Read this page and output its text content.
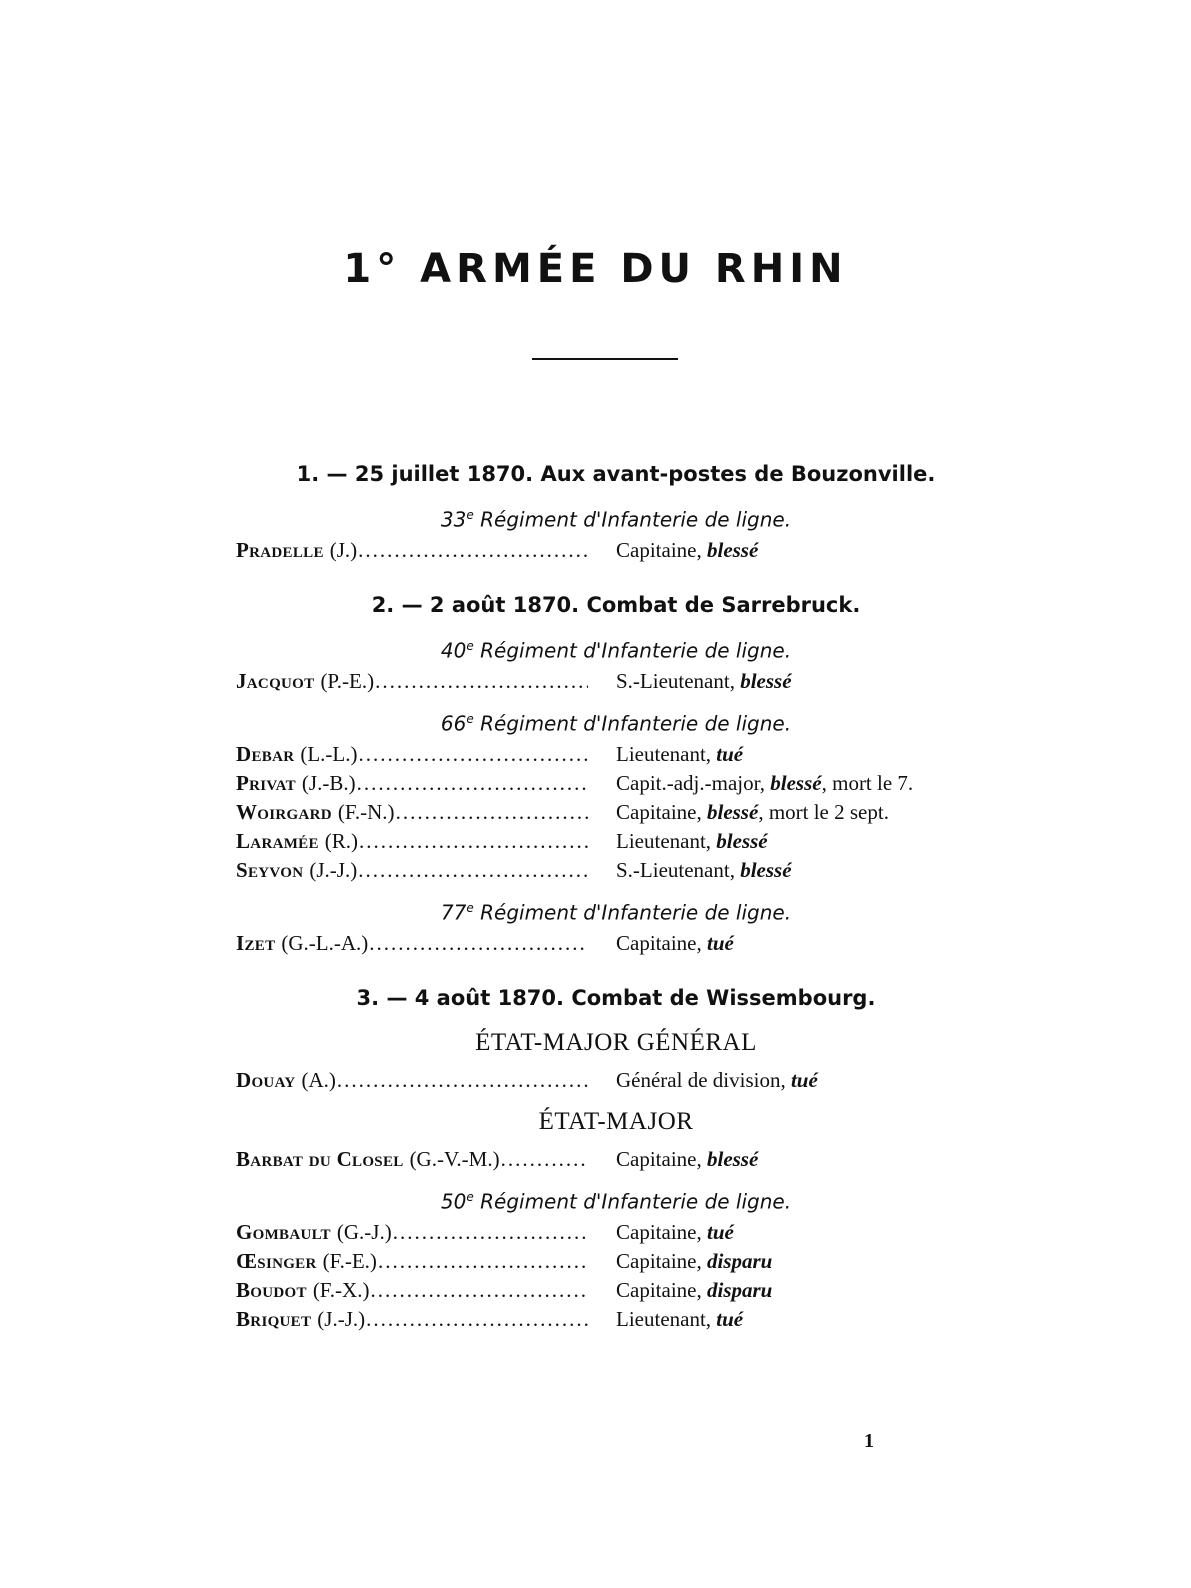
1° ARMÉE DU RHIN
1. — 25 juillet 1870. Aux avant-postes de Bouzonville.
33e Régiment d'Infanterie de ligne.
Pradelle (J.) .....	Capitaine, blessé
2. — 2 août 1870. Combat de Sarrebruck.
40e Régiment d'Infanterie de ligne.
Jacquot (P.-E.) .....	S.-Lieutenant, blessé
66e Régiment d'Infanterie de ligne.
Debar (L.-L.) .....	Lieutenant, tué
Privat (J.-B.) .....	Capit.-adj.-major, blessé, mort le 7.
Woirgard (F.-N.) .....	Capitaine, blessé, mort le 2 sept.
Laramée (R.) .....	Lieutenant, blessé
Seyvon (J.-J.) .....	S.-Lieutenant, blessé
77e Régiment d'Infanterie de ligne.
Izet (G.-L.-A.) .....	Capitaine, tué
3. — 4 août 1870. Combat de Wissembourg.
ÉTAT-MAJOR GÉNÉRAL
Douay (A.) .....	Général de division, tué
ÉTAT-MAJOR
Barbat du Closel (G.-V.-M.) .....	Capitaine, blessé
50e Régiment d'Infanterie de ligne.
Gombault (G.-J.) .....	Capitaine, tué
Œsinger (F.-E.) .....	Capitaine, disparu
Boudot (F.-X.) .....	Capitaine, disparu
Briquet (J.-J.) .....	Lieutenant, tué
1
